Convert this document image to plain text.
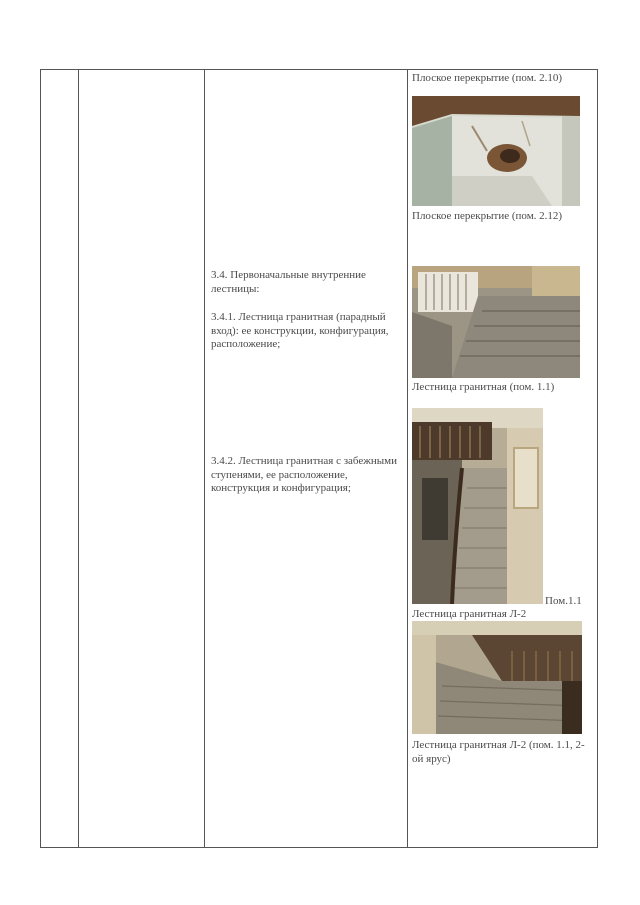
3.4. Первоначальные внутренние лестницы:

3.4.1. Лестница гранитная (парадный вход): ее конструкции, конфигурация, расположение;

3.4.2. Лестница гранитная с забежными ступенями, ее расположение, конструкция и конфигурация;

Плоское перекрытие (пом. 2.10)

Плоское перекрытие (пом. 2.12)

Лестница гранитная (пом. 1.1)

Пом.1.1

Лестница гранитная Л-2

Лестница гранитная Л-2 (пом. 1.1, 2-ой ярус)
